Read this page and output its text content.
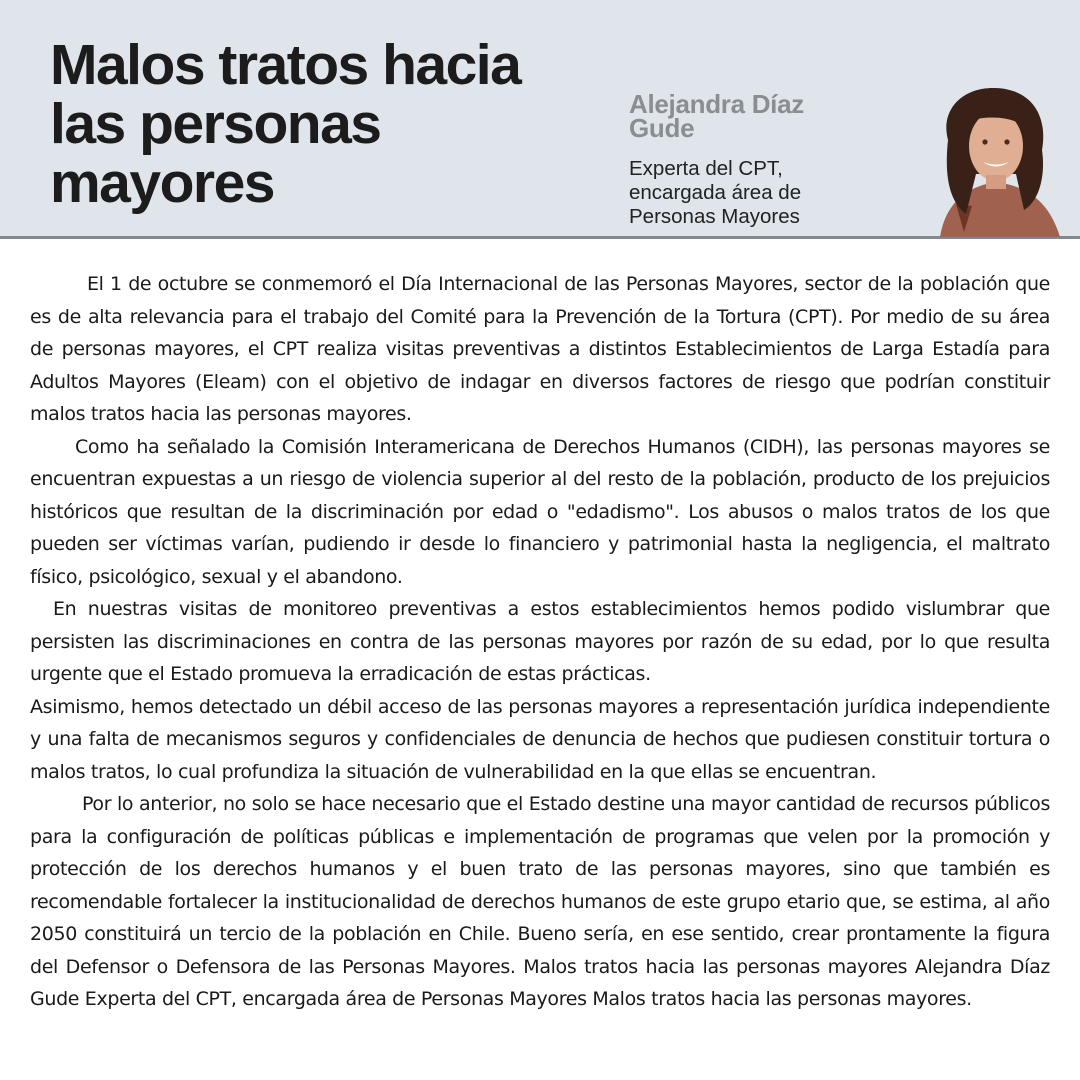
Malos tratos hacia
las personas
mayores
Alejandra Díaz
Gude
Experta del CPT,
encargada área de
Personas Mayores

El 1 de octubre se conmemoró el Día Internacional de las Personas Mayores, sector de la población que es de alta relevancia para el trabajo del Comité para la Prevención de la Tortura (CPT). Por medio de su área de personas mayores, el CPT realiza visitas preventivas a distintos Establecimientos de Larga Estadía para Adultos Mayores (Eleam) con el objetivo de indagar en diversos factores de riesgo que podrían constituir malos tratos hacia las personas mayores.

Como ha señalado la Comisión Interamericana de Derechos Humanos (CIDH), las personas mayores se encuentran expuestas a un riesgo de violencia superior al del resto de la población, producto de los prejuicios históricos que resultan de la discriminación por edad o "edadismo". Los abusos o malos tratos de los que pueden ser víctimas varían, pudiendo ir desde lo financiero y patrimonial hasta la negligencia, el maltrato físico, psicológico, sexual y el abandono.

En nuestras visitas de monitoreo preventivas a estos establecimientos hemos podido vislumbrar que persisten las discriminaciones en contra de las personas mayores por razón de su edad, por lo que resulta urgente que el Estado promueva la erradicación de estas prácticas.

Asimismo, hemos detectado un débil acceso de las personas mayores a representación jurídica independiente y una falta de mecanismos seguros y confidenciales de denuncia de hechos que pudiesen constituir tortura o malos tratos, lo cual profundiza la situación de vulnerabilidad en la que ellas se encuentran.

Por lo anterior, no solo se hace necesario que el Estado destine una mayor cantidad de recursos públicos para la configuración de políticas públicas e implementación de programas que velen por la promoción y protección de los derechos humanos y el buen trato de las personas mayores, sino que también es recomendable fortalecer la institucionalidad de derechos humanos de este grupo etario que, se estima, al año 2050 constituirá un tercio de la población en Chile. Bueno sería, en ese sentido, crear prontamente la figura del Defensor o Defensora de las Personas Mayores. Malos tratos hacia las personas mayores Alejandra Díaz Gude Experta del CPT, encargada área de Personas Mayores Malos tratos hacia las personas mayores.
